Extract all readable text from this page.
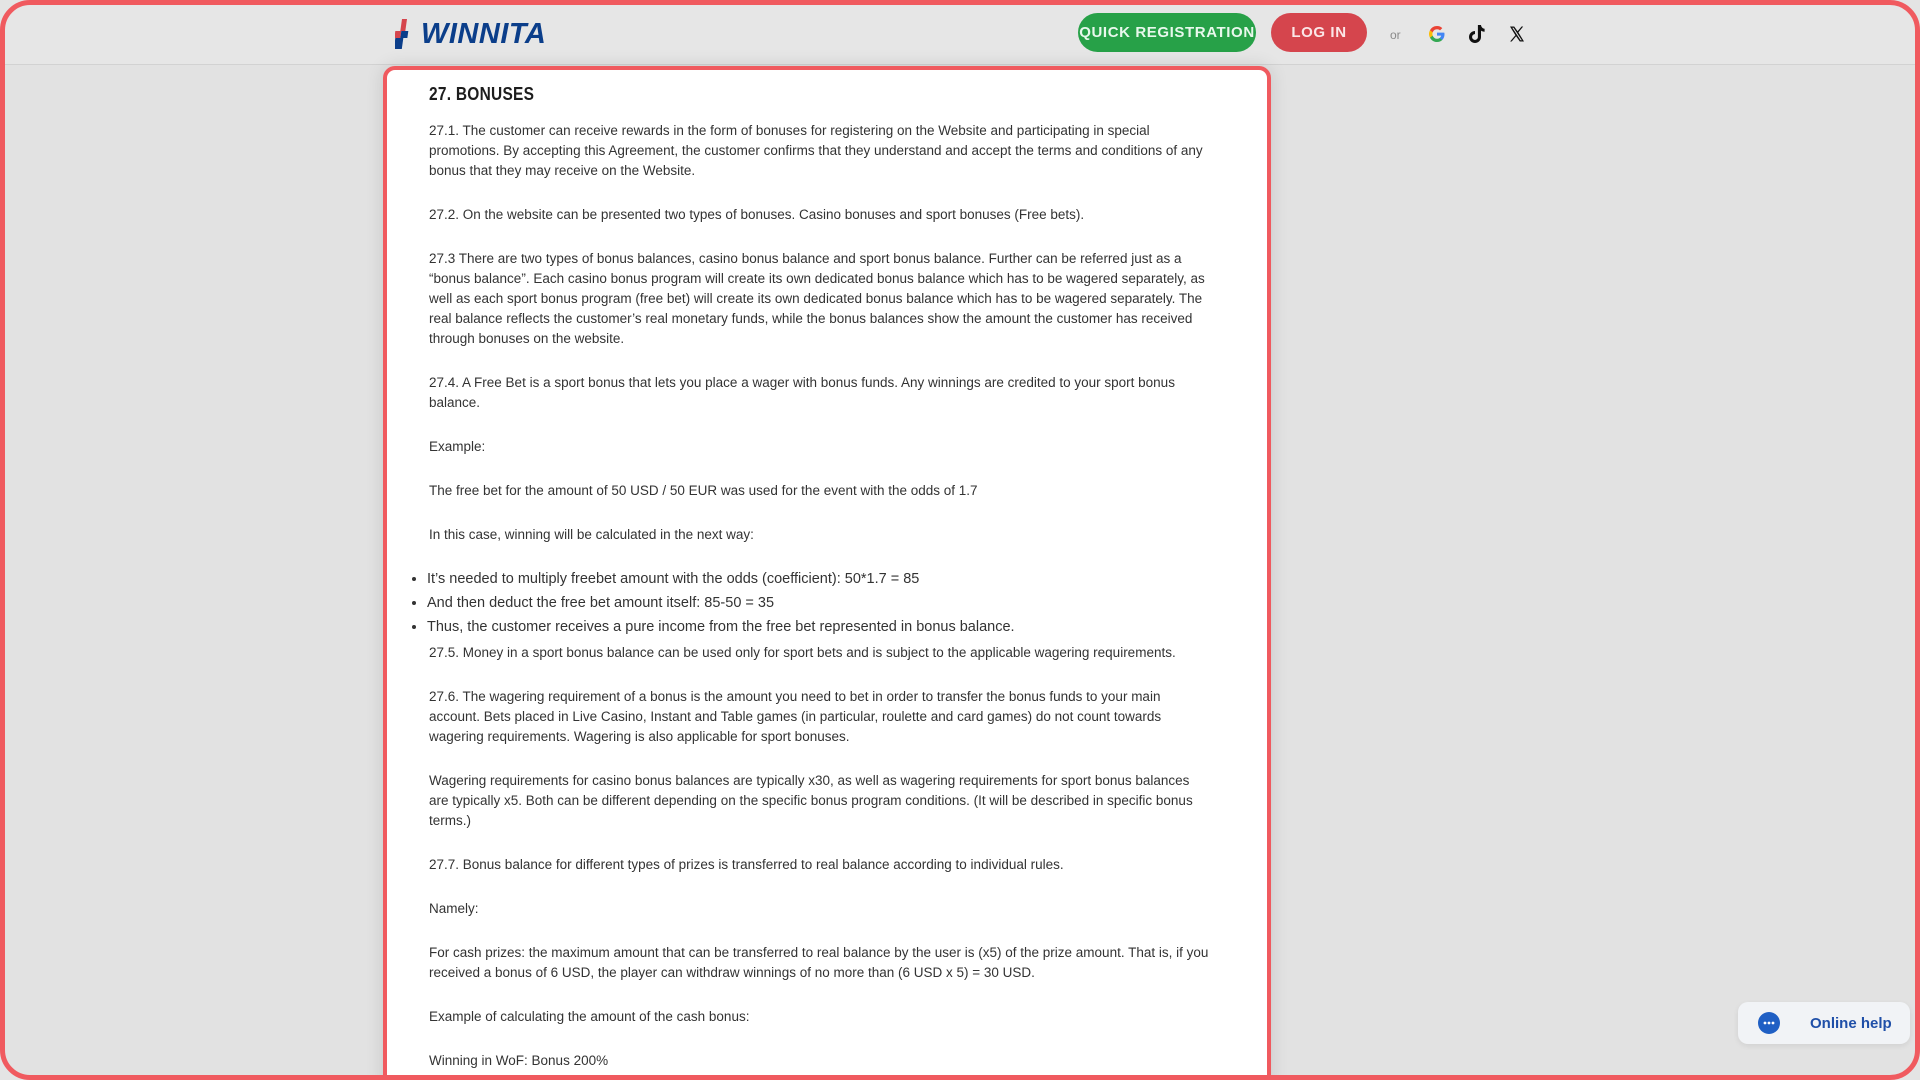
WINNITA	QUICK REGISTRATION	LOG IN	or
27. BONUSES

27.1. The customer can receive rewards in the form of bonuses for registering on the Website and participating in special promotions. By accepting this Agreement, the customer confirms that they understand and accept the terms and conditions of any bonus that they may receive on the Website.

27.2. On the website can be presented two types of bonuses. Casino bonuses and sport bonuses (Free bets).

27.3 There are two types of bonus balances, casino bonus balance and sport bonus balance. Further can be referred just as a “bonus balance”. Each casino bonus program will create its own dedicated bonus balance which has to be wagered separately, as well as each sport bonus program (free bet) will create its own dedicated bonus balance which has to be wagered separately. The real balance reflects the customer’s real monetary funds, while the bonus balances show the amount the customer has received through bonuses on the website.

27.4. A Free Bet is a sport bonus that lets you place a wager with bonus funds. Any winnings are credited to your sport bonus balance.

Example:

The free bet for the amount of 50 USD / 50 EUR was used for the event with the odds of 1.7

In this case, winning will be calculated in the next way:

• It’s needed to multiply freebet amount with the odds (coefficient): 50*1.7 = 85
• And then deduct the free bet amount itself: 85-50 = 35
• Thus, the customer receives a pure income from the free bet represented in bonus balance.

27.5. Money in a sport bonus balance can be used only for sport bets and is subject to the applicable wagering requirements.

27.6. The wagering requirement of a bonus is the amount you need to bet in order to transfer the bonus funds to your main account. Bets placed in Live Casino, Instant and Table games (in particular, roulette and card games) do not count towards wagering requirements. Wagering is also applicable for sport bonuses.

Wagering requirements for casino bonus balances are typically x30, as well as wagering requirements for sport bonus balances are typically x5. Both can be different depending on the specific bonus program conditions. (It will be described in specific bonus terms.)

27.7. Bonus balance for different types of prizes is transferred to real balance according to individual rules.

Namely:

For cash prizes: the maximum amount that can be transferred to real balance by the user is (x5) of the prize amount. That is, if you received a bonus of 6 USD, the player can withdraw winnings of no more than (6 USD x 5) = 30 USD.

Example of calculating the amount of the cash bonus:

Winning in WoF: Bonus 200%

Online help
